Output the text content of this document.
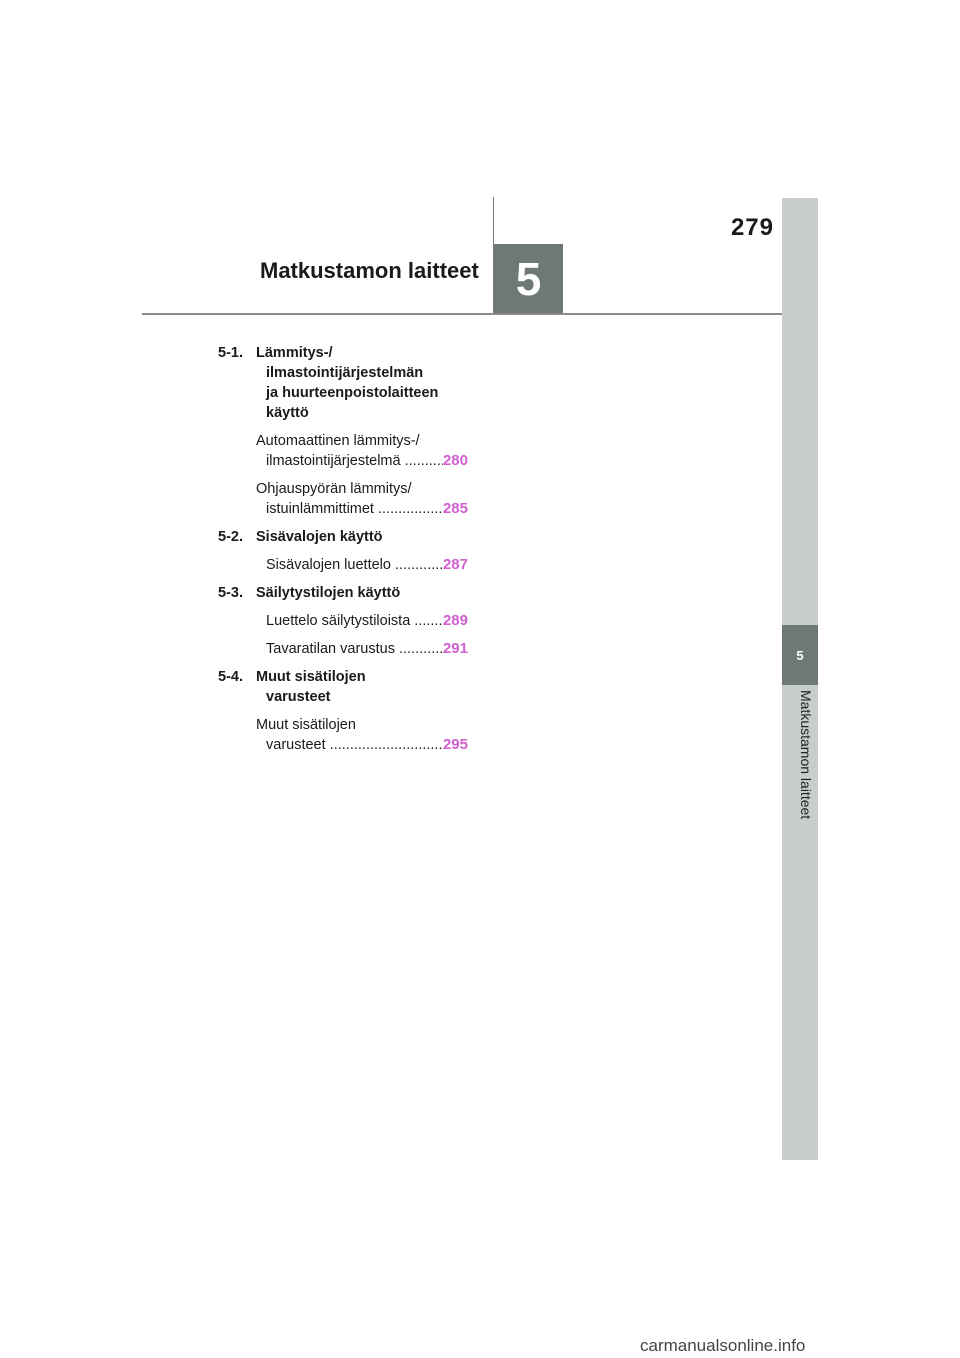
279
Matkustamon laitteet 5
5
Matkustamon laitteet
5-1. Lämmitys-/
ilmastointijärjestelmän
ja huurteenpoistolaitteen
käyttö
Automaattinen lämmitys-/
ilmastointijärjestelmä .....	280
Ohjauspyörän lämmitys/
istuinlämmittimet .....	285
5-2. Sisävalojen käyttö
Sisävalojen luettelo .....	287
5-3. Säilytystilojen käyttö
Luettelo säilytystiloista .....	289
Tavaratilan varustus .....	291
5-4. Muut sisätilojen
varusteet
Muut sisätilojen
varusteet .....	295
carmanualsonline.info
